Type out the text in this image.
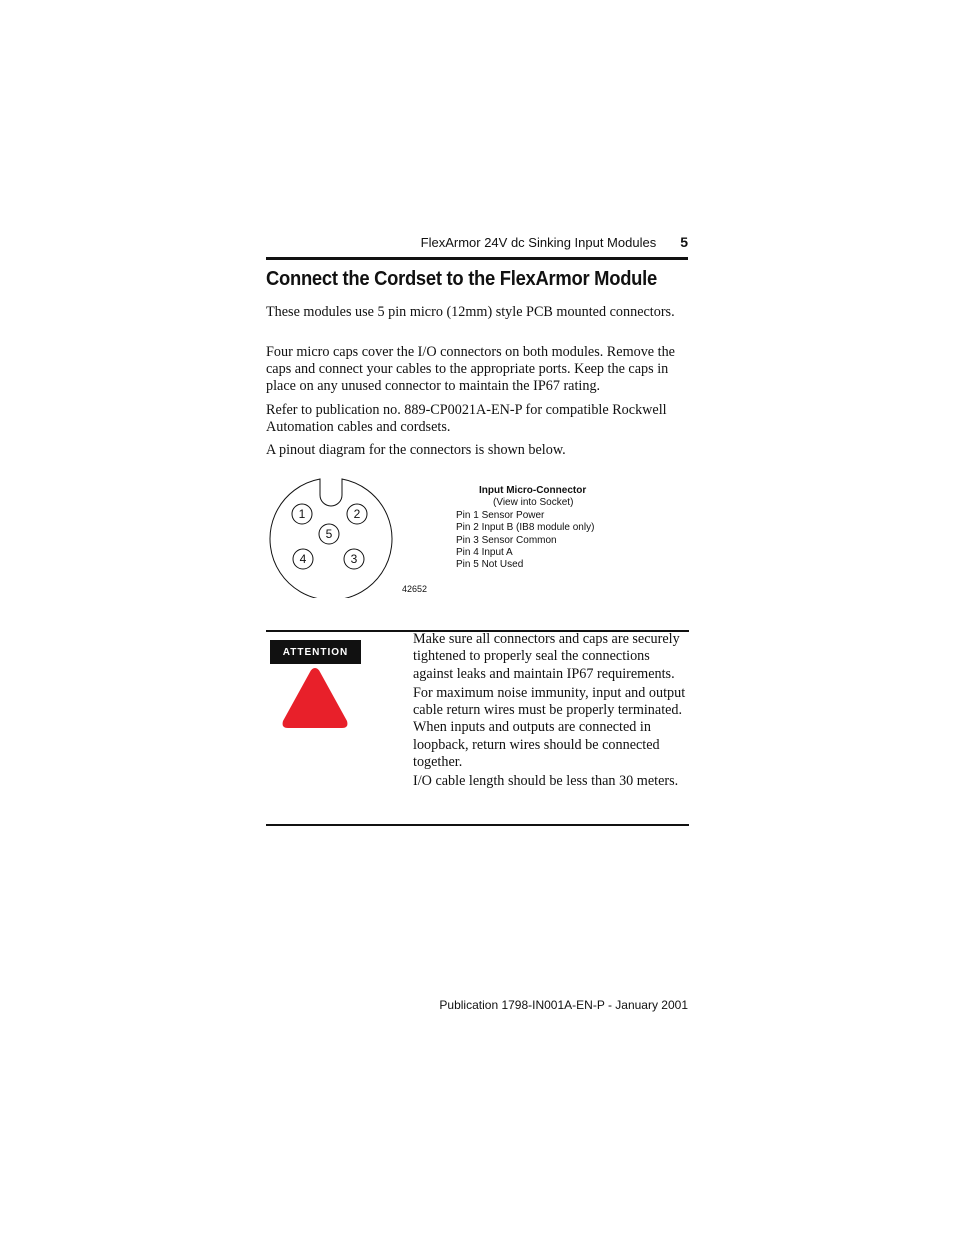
FlexArmor 24V dc Sinking Input Modules 5
Connect the Cordset to the FlexArmor Module

These modules use 5 pin micro (12mm) style PCB mounted connectors.

Four micro caps cover the I/O connectors on both modules. Remove the caps and connect your cables to the appropriate ports. Keep the caps in place on any unused connector to maintain the IP67 rating.

Refer to publication no. 889-CP0021A-EN-P for compatible Rockwell Automation cables and cordsets.

A pinout diagram for the connectors is shown below.

1	2
5
4	3
Input Micro-Connector
(View into Socket)
Pin 1 Sensor Power
Pin 2 Input B (IB8 module only)
Pin 3 Sensor Common
Pin 4 Input A
Pin 5 Not Used
42652
ATTENTION

Make sure all connectors and caps are securely tightened to properly seal the connections against leaks and maintain IP67 requirements.

For maximum noise immunity, input and output cable return wires must be properly terminated. When inputs and outputs are connected in loopback, return wires should be connected together.

I/O cable length should be less than 30 meters.

Publication 1798-IN001A-EN-P - January 2001
